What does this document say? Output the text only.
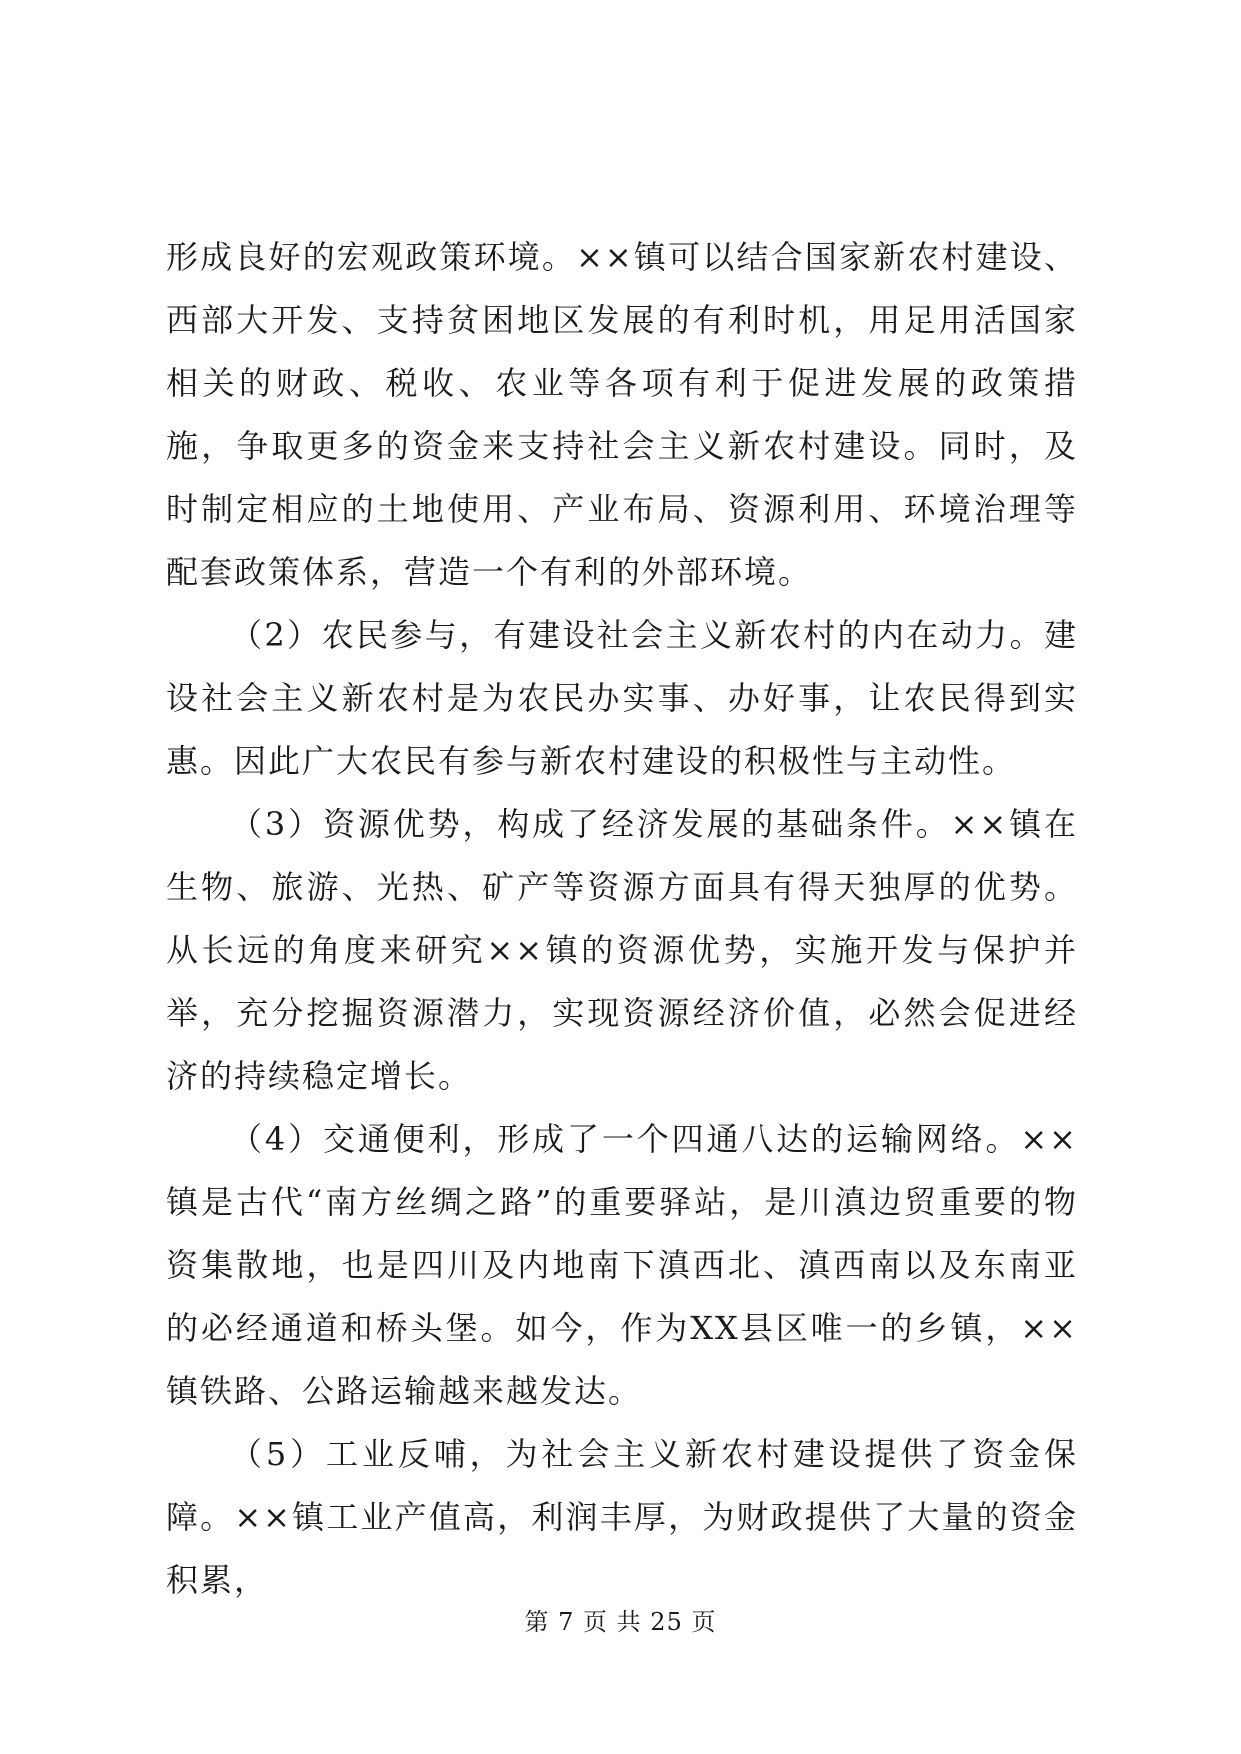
形成良好的宏观政策环境。××镇可以结合国家新农村建设、西部大开发、支持贫困地区发展的有利时机，用足用活国家相关的财政、税收、农业等各项有利于促进发展的政策措施，争取更多的资金来支持社会主义新农村建设。同时，及时制定相应的土地使用、产业布局、资源利用、环境治理等配套政策体系，营造一个有利的外部环境。

（2）农民参与，有建设社会主义新农村的内在动力。建设社会主义新农村是为农民办实事、办好事，让农民得到实惠。因此广大农民有参与新农村建设的积极性与主动性。

（3）资源优势，构成了经济发展的基础条件。××镇在生物、旅游、光热、矿产等资源方面具有得天独厚的优势。从长远的角度来研究××镇的资源优势，实施开发与保护并举，充分挖掘资源潜力，实现资源经济价值，必然会促进经济的持续稳定增长。

（4）交通便利，形成了一个四通八达的运输网络。××镇是古代“南方丝绸之路”的重要驿站，是川滇边贸重要的物资集散地，也是四川及内地南下滇西北、滇西南以及东南亚的必经通道和桥头堡。如今，作为XX县区唯一的乡镇，××镇铁路、公路运输越来越发达。

（5）工业反哺，为社会主义新农村建设提供了资金保障。××镇工业产值高，利润丰厚，为财政提供了大量的资金积累，

第 7 页 共 25 页
